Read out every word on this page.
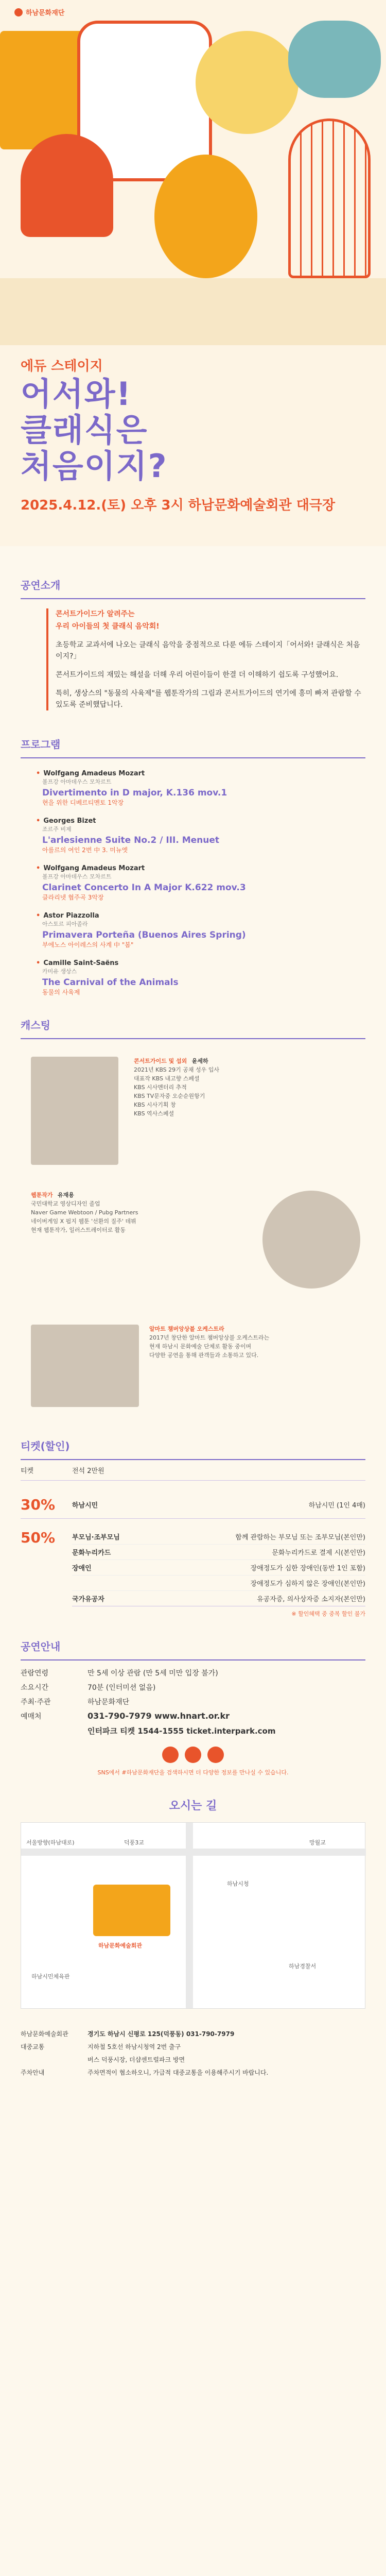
하남문화재단
에듀 스테이지
어서와!
클래식은
처음이지?
2025.4.12.(토) 오후 3시 하남문화예술회관 대극장
공연소개

콘서트가이드가 알려주는

우리 아이들의 첫 클래식 음악회!

초등학교 교과서에 나오는 클래식 음악을 중점적으로 다룬 에듀 스테이지「어서와! 클래식은 처음이지?」

콘서트가이드의 재밌는 해설을 더해 우리 어린이들이 한결 더 이해하기 쉽도록 구성했어요.

특히, 생상스의 "동물의 사육제"를 웹툰작가의 그림과 콘서트가이드의 연기에 흥미 빠져 관람할 수 있도록 준비했답니다.

프로그램
• Wolfgang Amadeus Mozart
볼프강 아마데우스 모차르트
Divertimento in D major, K.136 mov.1
현을 위한 디베르티멘토 1악장
• Georges Bizet
조르주 비제
L'arlesienne Suite No.2 / III. Menuet
아를르의 여인 2번 中 3. 미뉴엣
• Wolfgang Amadeus Mozart
볼프강 아마데우스 모차르트
Clarinet Concerto In A Major K.622 mov.3
클라리넷 협주곡 3악장
• Astor Piazzolla
아스토르 피아졸라
Primavera Porteña (Buenos Aires Spring)
부에노스 아이레스의 사계 中 "봄"
• Camille Saint-Saëns
카미유 생상스
The Carnival of the Animals
동물의 사육제
캐스팅
콘서트가이드 및 섭외 윤세하
2021년 KBS 29기 공채 성우 입사
대표작 KBS 내고향 스페셜
KBS 시사멘터리 추적
KBS TV문자중 오순순원항기
KBS 시사기획 창
KBS 역사스페셜
웹툰작가 유재용
국민대학교 영상디자인 졸업
Naver Game Webtoon / Pubg Partners
네이버게임 X 펍지 웹툰 '선환의 질주' 데뷔
현재 웹툰작가, 일러스트레이터로 활동
알마트 챔버앙상블 오케스트라
2017년 창단한 알마트 챔버앙상블 오케스트라는
현재 하남시 문화예술 단체로 활동 중이며
다양한 공연을 통해 관객들과 소통하고 있다.
티켓(할인)
티켓	전석 2만원
30%	하남시민	하남시민 (1인 4매)
50%	부모님·조부모님	함께 관람하는 부모님 또는 조부모님(본인만)
문화누리카드	문화누리카드로 결제 시(본인만)
장애인	장애정도가 심한 장애인(동반 1인 포함)
장애정도가 심하지 않은 장애인(본인만)
국가유공자	유공자증, 의사상자증 소지자(본인만)
※ 할인혜택 중 중복 할인 불가
공연안내
관람연령	만 5세 이상 관람 (만 5세 미만 입장 불가)
소요시간	70분 (인터미션 없음)
주최·주관	하남문화재단
예매처	031-790-7979 www.hnart.or.kr
인터파크 티켓 1544-1555 ticket.interpark.com
SNS에서 #하남문화재단을 검색하시면 더 다양한 정보를 만나실 수 있습니다.
오시는 길
서울방향(하남대로)	덕풍3교	망월교
하남문화예술회관
하남시청
하남시민체육관
하남경찰서
하남문화예술회관	경기도 하남시 신평로 125(덕풍동) 031-790-7979
대중교통	지하철 5호선 하남시청역 2번 출구
버스 덕풍시장, 더샵센트럴파크 방면
주차안내	주차면적이 협소하오니, 가급적 대중교통을 이용해주시기 바랍니다.
